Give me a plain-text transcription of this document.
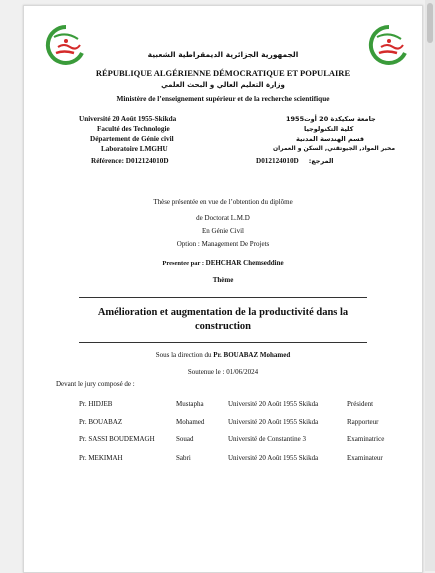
الجمهورية الجزائرية الديمقراطية الشعبية
RÉPUBLIQUE ALGÉRIENNE DÉMOCRATIQUE ET POPULAIRE
وزارة التعليم العالي و البحث العلمي
Ministère de l’enseignement supérieur et de la recherche scientifique
Université 20 Août 1955-Skikda
Faculté des Technologie
Département de Génie civil
Laboratoire LMGHU
Référence: D012124010D
جامعة سكيكدة 20 أوت1955
كلية التكنولوجيا
قسم الهندسة المدنية
مخبر المواد, الجيوتقني, السكن و العمران
D012124010D :المرجع
Thèse présentée en vue de l’obtention du diplôme
de Doctorat L.M.D
En Génie Civil
Option : Management De Projets
Presentee par : DEHCHAR Chemseddine
Thème
Amélioration et augmentation de la productivité dans la
construction
Sous la direction du Pr. BOUABAZ Mohamed
Soutenue le : 01/06/2024
Devant le jury composé de :
Pr. HIDJEB	Mustapha	Université 20 Août 1955 Skikda	Président
Pr. BOUABAZ	Mohamed	Université 20 Août 1955 Skikda	Rapporteur
Pr. SASSI BOUDEMAGH	Souad	Université de Constantine 3	Examinatrice
Pr. MEKIMAH	Sabri	Université 20 Août 1955 Skikda	Examinateur
